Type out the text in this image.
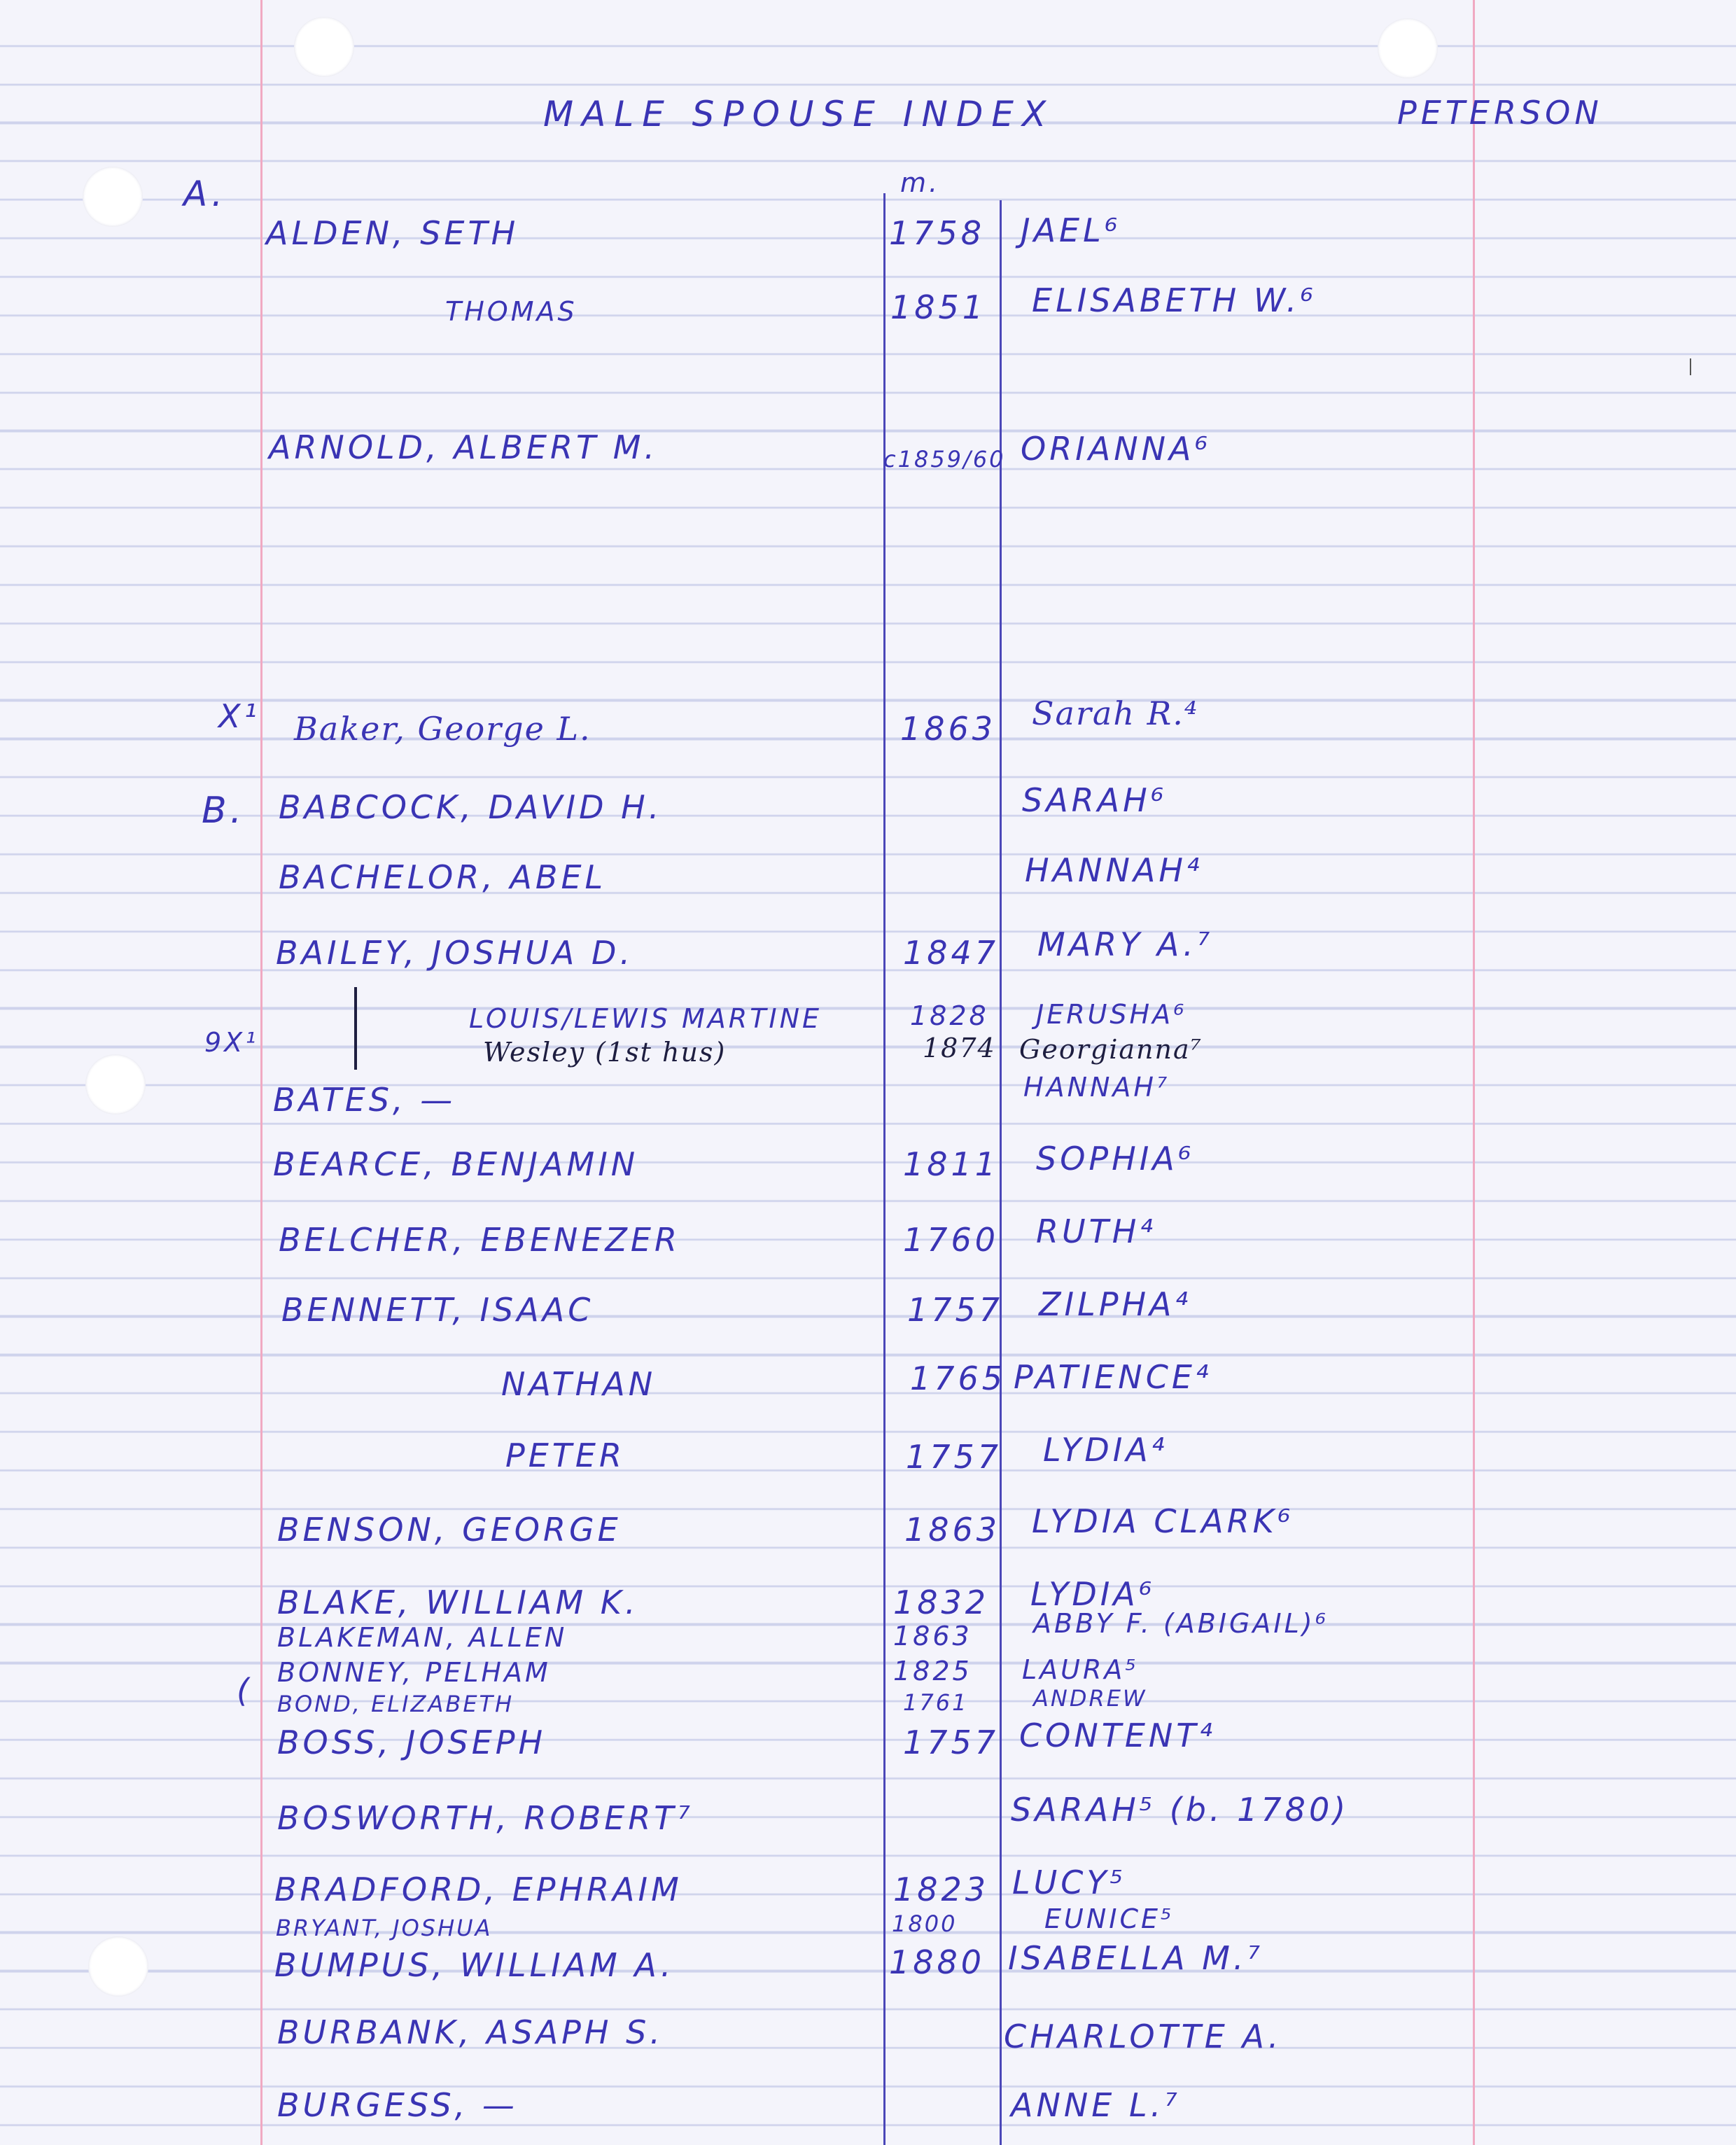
MALE SPOUSE INDEX	PETERSON
m.
A.
B.
X¹
9X¹
(
ALDEN, SETH	1758 JAEL⁶
THOMAS	1851 ELISABETH W.⁶
ARNOLD, ALBERT M.	c1859/60 ORIANNA⁶
Baker, George L.	1863 Sarah R.⁴
BABCOCK, DAVID H.	SARAH⁶
BACHELOR, ABEL	HANNAH⁴
BAILEY, JOSHUA D.	1847 MARY A.⁷
LOUIS/LEWIS MARTINE	1828 JERUSHA⁶
Wesley (1st hus)	1874 Georgianna⁷
BATES, —	HANNAH⁷
BEARCE, BENJAMIN	1811 SOPHIA⁶
BELCHER, EBENEZER	1760 RUTH⁴
BENNETT, ISAAC	1757 ZILPHA⁴
NATHAN	1765 PATIENCE⁴
PETER	1757 LYDIA⁴
BENSON, GEORGE	1863 LYDIA CLARK⁶
BLAKE, WILLIAM K.	1832 LYDIA⁶
BLAKEMAN, ALLEN	1863 ABBY F. (ABIGAIL)⁶
BONNEY, PELHAM	1825 LAURA⁵
BOND, ELIZABETH	1761	ANDREW
BOSS, JOSEPH	1757 CONTENT⁴
BOSWORTH, ROBERT⁷	SARAH⁵ (b. 1780)
BRADFORD, EPHRAIM	1823 LUCY⁵
BRYANT, JOSHUA	1800	EUNICE⁵
BUMPUS, WILLIAM A.	1880 ISABELLA M.⁷
BURBANK, ASAPH S.	CHARLOTTE A.
BURGESS, —	ANNE L.⁷
